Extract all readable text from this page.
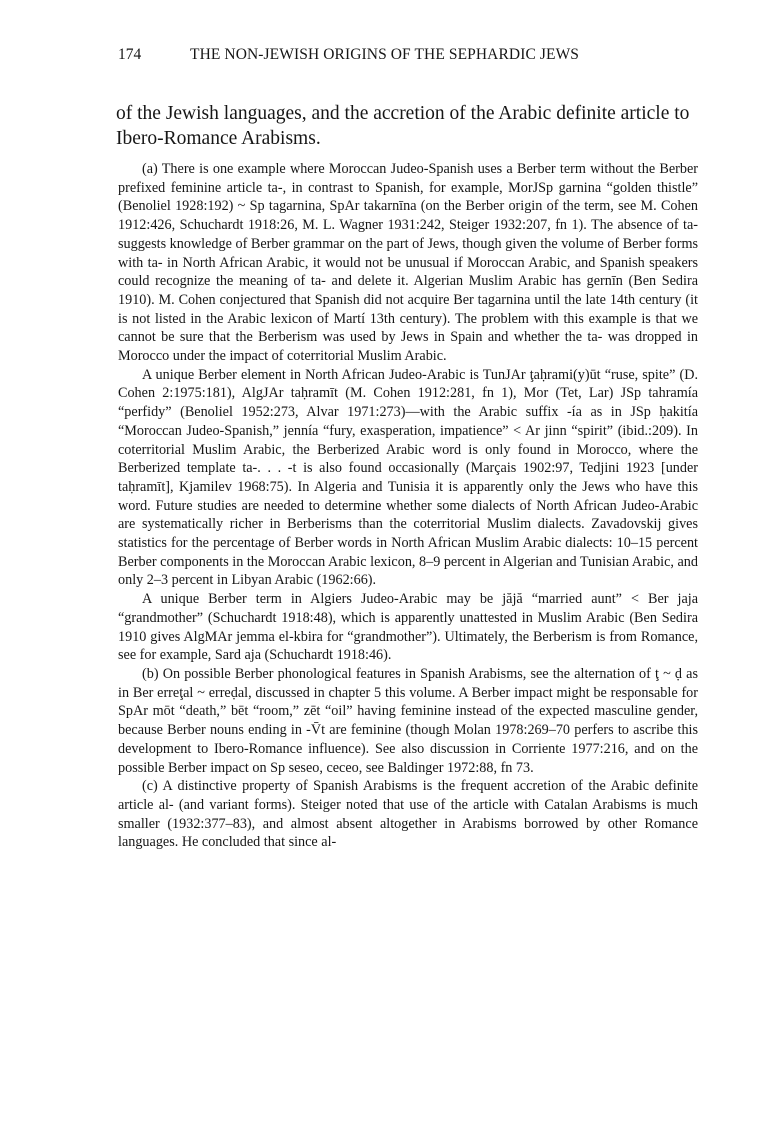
174	THE NON-JEWISH ORIGINS OF THE SEPHARDIC JEWS

of the Jewish languages, and the accretion of the Arabic definite article to Ibero-Romance Arabisms.

(a) There is one example where Moroccan Judeo-Spanish uses a Berber term without the Berber prefixed feminine article ta-, in contrast to Spanish, for example, MorJSp garnina “golden thistle” (Benoliel 1928:192) ~ Sp tagarnina, SpAr takarnīna (on the Berber origin of the term, see M. Cohen 1912:426, Schuchardt 1918:26, M. L. Wagner 1931:242, Steiger 1932:207, fn 1). The absence of ta- suggests knowledge of Berber grammar on the part of Jews, though given the volume of Berber forms with ta- in North African Arabic, it would not be unusual if Moroccan Arabic, and Spanish speakers could recognize the meaning of ta- and delete it. Algerian Muslim Arabic has gernīn (Ben Sedira 1910). M. Cohen conjectured that Spanish did not acquire Ber tagarnina until the late 14th century (it is not listed in the Arabic lexicon of Martí 13th century). The problem with this example is that we cannot be sure that the Berberism was used by Jews in Spain and whether the ta- was dropped in Morocco under the impact of coterritorial Muslim Arabic.

A unique Berber element in North African Judeo-Arabic is TunJAr ţaḥrami(y)ūt “ruse, spite” (D. Cohen 2:1975:181), AlgJAr taḥramīt (M. Cohen 1912:281, fn 1), Mor (Tet, Lar) JSp tahramía “perfidy” (Benoliel 1952:273, Alvar 1971:273)—with the Arabic suffix -ía as in JSp ḥakitía “Moroccan Judeo-Spanish,” jennía “fury, exasperation, impatience” < Ar jinn “spirit” (ibid.:209). In coterritorial Muslim Arabic, the Berberized Arabic word is only found in Morocco, where the Berberized template ta-. . . -t is also found occasionally (Marçais 1902:97, Tedjini 1923 [under taḥramīt], Kjamilev 1968:75). In Algeria and Tunisia it is apparently only the Jews who have this word. Future studies are needed to determine whether some dialects of North African Judeo-Arabic are systematically richer in Berberisms than the coterritorial Muslim dialects. Zavadovskij gives statistics for the percentage of Berber words in North African Muslim Arabic dialects: 10–15 percent Berber components in the Moroccan Arabic lexicon, 8–9 percent in Algerian and Tunisian Arabic, and only 2–3 percent in Libyan Arabic (1962:66).

A unique Berber term in Algiers Judeo-Arabic may be jăjă “married aunt” < Ber jaja “grandmother” (Schuchardt 1918:48), which is apparently unattested in Muslim Arabic (Ben Sedira 1910 gives AlgMAr jemma el-kbira for “grandmother”). Ultimately, the Berberism is from Romance, see for example, Sard aja (Schuchardt 1918:46).

(b) On possible Berber phonological features in Spanish Arabisms, see the alternation of ţ ~ ḍ as in Ber erreţal ~ erreḍal, discussed in chapter 5 this volume. A Berber impact might be responsable for SpAr mōt “death,” bēt “room,” zēt “oil” having feminine instead of the expected masculine gender, because Berber nouns ending in -V̄t are feminine (though Molan 1978:269–70 perfers to ascribe this development to Ibero-Romance influence). See also discussion in Corriente 1977:216, and on the possible Berber impact on Sp seseo, ceceo, see Baldinger 1972:88, fn 73.

(c) A distinctive property of Spanish Arabisms is the frequent accretion of the Arabic definite article al- (and variant forms). Steiger noted that use of the article with Catalan Arabisms is much smaller (1932:377–83), and almost absent altogether in Arabisms borrowed by other Romance languages. He concluded that since al-
